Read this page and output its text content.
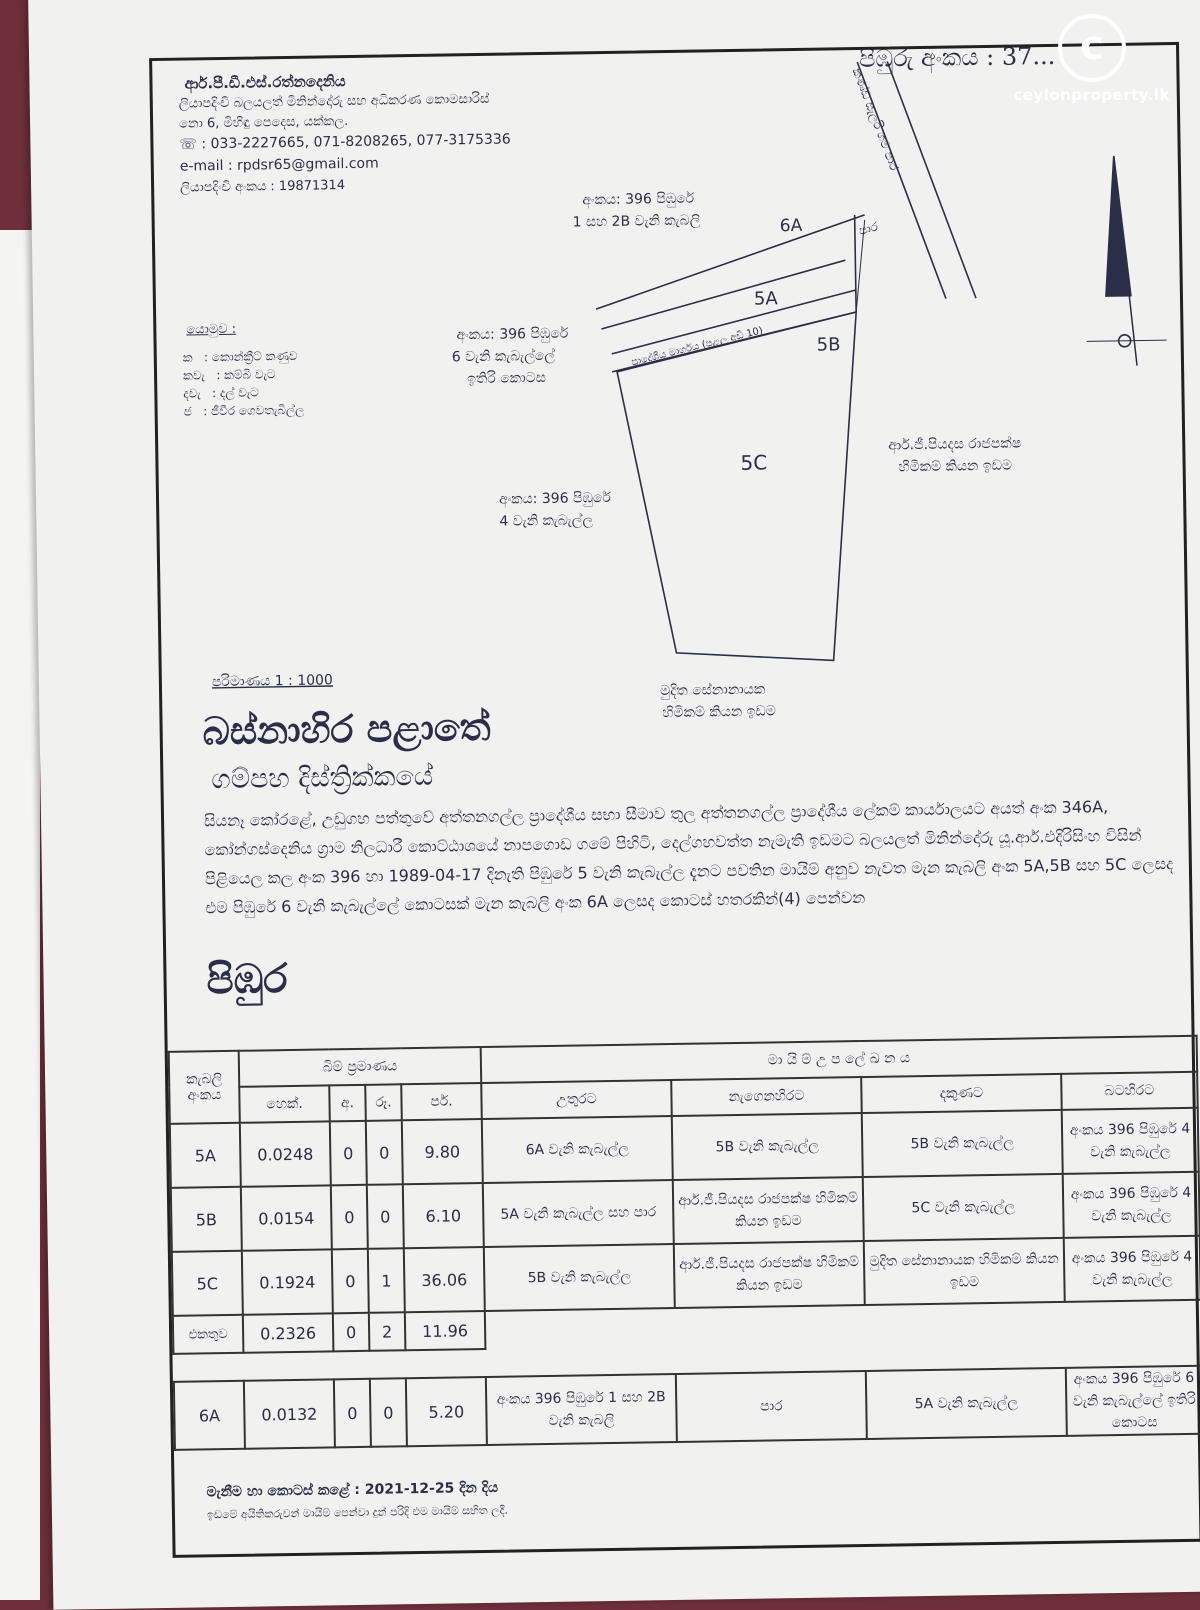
පිඹුරු අංකය : 37...
ආර්.පී.ඩී.එස්.රත්නදෙනිය
ලියාපදිංචි බලයලත් මිනින්දෝරු සහ අධිකරණ කොමසාරිස්
නො 6, මිහිඳු පෙදෙස, යක්කල.
☏ : 033-2227665, 071-8208265, 077-3175336
e-mail : rpdsr65@gmail.com
ලියාපදිංචි අංකය : 19871314
යොමුව :
ක : කොන්ක්‍රීට් කණුව
කවැ : කම්බි වැට
දවැ : දල් වැට
ජ : ජීවීර ගෙවතැබිල්ල
6A
5A
5B
5C
අංකය: 396 පිඹුරේ
1 සහ 2B වැනි කැබලි
අංකය: 396 පිඹුරේ
6 වැනි කැබැල්ලේ
ඉතිරි කොටස
අංකය: 396 පිඹුරේ
4 වැනි කැබැල්ල
ආර්.ජී.පියදස රාජපක්ෂ
හිමිකම් කියන ඉඩම
මුදිත සේනානායක
හිමිකම් කියන ඉඩම
ප්‍රාදේශීය මාර්ගය (පළල අඩි 10)
කණ්ඩ සැලරි ගම පාර
පාර
පරිමාණය 1 : 1000
බස්නාහිර පළාතේ
ගම්පහ දිස්ත්‍රික්කයේ
සියනෑ කෝරළේ, උඩුගහ පත්තුවේ අත්තනගල්ල ප්‍රාදේශීය සභා සීමාව තුල අත්තනගල්ල ප්‍රාදේශීය ලේකම් කාර්යාලයට අයත් අංක 346A, කෝන්ගස්දෙනිය ග්‍රාම නිලධාරී කොට්ඨාශයේ නාපගොඩ ගමේ පිහිටි, දෙල්ගහවත්ත නැමැති ඉඩමට බලයලත් මිනින්දෝරු යූ.ආර්.එදිරිසිංහ විසින් පිළියෙල කල අංක 396 හා 1989-04-17 දිනැති පිඹුරේ 5 වැනි කැබැල්ල දැනට පවතින මායිම් අනුව නැවත මැන කැබලි අංක 5A,5B සහ 5C ලෙසද එම පිඹුරේ 6 වැනි කැබැල්ලේ කොටසක් මැන කැබලි අංක 6A ලෙසද කොටස් හතරකින්(4) පෙන්වන
පිඹුර
කැබලි අංකය	බිම් ප්‍රමාණය				මා යි ම් උ ප ලේ ඛ න ය			
	හෙක්.	අ.	රූ.	පර්.	උතුරට	නැගෙනහිරට	දකුණට	බටහිරට
5A	0.0248	0	0	9.80	6A වැනි කැබැල්ල	5B වැනි කැබැල්ල	5B වැනි කැබැල්ල	අංකය 396 පිඹුරේ 4 වැනි කැබැල්ල
5B	0.0154	0	0	6.10	5A වැනි කැබැල්ල සහ පාර	ආර්.ජී.පියදස රාජපක්ෂ හිමිකම් කියන ඉඩම	5C වැනි කැබැල්ල	අංකය 396 පිඹුරේ 4 වැනි කැබැල්ල
5C	0.1924	0	1	36.06	5B වැනි කැබැල්ල	ආර්.ජී.පියදස රාජපක්ෂ හිමිකම් කියන ඉඩම	මුදිත සේනානායක හිමිකම් කියන ඉඩම	අංකය 396 පිඹුරේ 4 වැනි කැබැල්ල
එකතුව	0.2326	0	2	11.96				

6A	0.0132	0	0	5.20	අංකය 396 පිඹුරේ 1 සහ 2B වැනි කැබලි	පාර	5A වැනි කැබැල්ල	අංකය 396 පිඹුරේ 6 වැනි කැබැල්ලේ ඉතිරි කොටස
මැනීම හා කොටස් කළේ : 2021-12-25 දින දිය
ඉඩමේ අයිතිකරුවන් මායිම් පෙන්වා දුන් පරිදි එම මායිම් සහිත ලදී.
c
ceylonproperty.lk
